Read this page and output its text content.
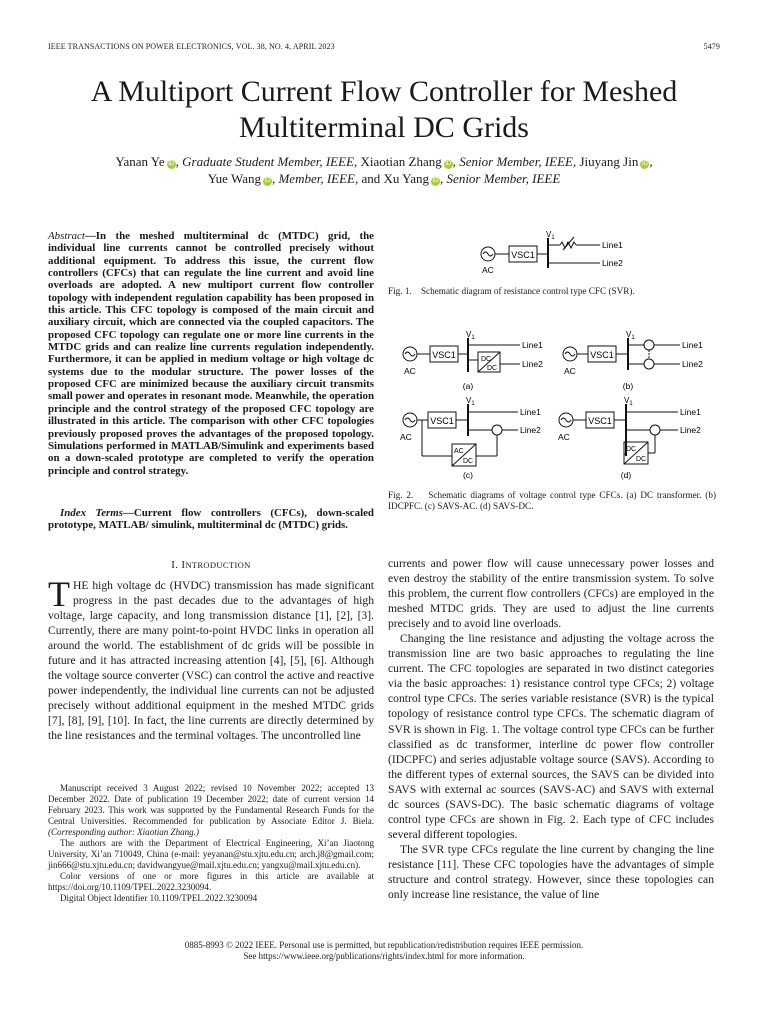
IEEE TRANSACTIONS ON POWER ELECTRONICS, VOL. 38, NO. 4, APRIL 2023	5479
A Multiport Current Flow Controller for Meshed Multiterminal DC Grids
Yanan Ye iD , Graduate Student Member, IEEE, Xiaotian Zhang iD , Senior Member, IEEE, Jiuyang Jin iD ,
Yue Wang iD , Member, IEEE, and Xu Yang iD , Senior Member, IEEE

Abstract—In the meshed multiterminal dc (MTDC) grid, the individual line currents cannot be controlled precisely without additional equipment. To address this issue, the current flow controllers (CFCs) that can regulate the line current and avoid line overloads are adopted. A new multiport current flow controller topology with independent regulation capability has been proposed in this article. This CFC topology is composed of the main circuit and auxiliary circuit, which are connected via the coupled capacitors. The proposed CFC topology can regulate one or more line currents in the MTDC grids and can realize line currents regulation independently. Furthermore, it can be applied in medium voltage or high voltage dc systems due to the modular structure. The power losses of the proposed CFC are minimized because the auxiliary circuit transmits small power and operates in resonant mode. Meanwhile, the operation principle and the control strategy of the proposed CFC topology are illustrated in this article. The comparison with other CFC topologies previously proposed proves the advantages of the proposed topology. Simulations performed in MATLAB/Simulink and experiments based on a down-scaled prototype are completed to verify the operation principle and control strategy.

Index Terms—Current flow controllers (CFCs), down-scaled prototype, MATLAB/ simulink, multiterminal dc (MTDC) grids.

I. INTRODUCTION

THE high voltage dc (HVDC) transmission has made significant progress in the past decades due to the advantages of high voltage, large capacity, and long transmission distance [1], [2], [3]. Currently, there are many point-to-point HVDC links in operation all around the world. The establishment of dc grids will be possible in future and it has attracted increasing attention [4], [5], [6]. Although the voltage source converter (VSC) can control the active and reactive power independently, the individual line currents can not be adjusted precisely without additional equipment in the meshed MTDC grids [7], [8], [9], [10]. In fact, the line currents are directly determined by the line resistances and the terminal voltages. The uncontrolled line

Manuscript received 3 August 2022; revised 10 November 2022; accepted 13 December 2022. Date of publication 19 December 2022; date of current version 14 February 2023. This work was supported by the Fundamental Research Funds for the Central Universities. Recommended for publication by Associate Editor J. Biela. (Corresponding author: Xiaotian Zhang.)
The authors are with the Department of Electrical Engineering, Xi’an Jiaotong University, Xi’an 710049, China (e-mail: yeyanan@stu.xjtu.edu.cn; arch.j8@gmail.com; jin666@stu.xjtu.edu.cn; davidwangyue@mail.xjtu.edu.cn; yangxu@mail.xjtu.edu.cn).
Color versions of one or more figures in this article are available at https://doi.org/10.1109/TPEL.2022.3230094.
Digital Object Identifier 10.1109/TPEL.2022.3230094

currents and power flow will cause unnecessary power losses and even destroy the stability of the entire transmission system. To solve this problem, the current flow controllers (CFCs) are employed in the meshed MTDC grids. They are used to adjust the line currents precisely and to avoid line overloads.

Changing the line resistance and adjusting the voltage across the transmission line are two basic approaches to regulating the line current. The CFC topologies are separated in two distinct categories via the basic approaches: 1) resistance control type CFCs; 2) voltage control type CFCs. The series variable resistance (SVR) is the typical topology of resistance control type CFCs. The schematic diagram of SVR is shown in Fig. 1. The voltage control type CFCs can be further classified as dc transformer, interline dc power flow controller (IDCPFC) and series adjustable voltage source (SAVS). According to the different types of external sources, the SAVS can be divided into SAVS with external ac sources (SAVS-AC) and SAVS with external dc sources (SAVS-DC). The basic schematic diagrams of voltage control type CFCs are shown in Fig. 2. Each type of CFC includes several different topologies.

The SVR type CFCs regulate the line current by changing the line resistance [11]. These CFC topologies have the advantages of simple structure and control strategy. However, since these topologies can only increase line resistance, the value of line

VSC1
$V_1$
Line1
Line2
AC
Fig. 1. Schematic diagram of resistance control type CFC (SVR).
VSC1
$V_1$
Line1
DC
DC	Line2
AC
(a)
VSC1
$V_1$
Line1
Line2
AC
(b)
VSC1
$V_1$
Line1
Line2
AC
DC
AC
(c)
VSC1
$V_1$
Line1
Line2
DC
DC
AC
(d)
Fig. 2. Schematic diagrams of voltage control type CFCs. (a) DC transformer. (b) IDCPFC. (c) SAVS-AC. (d) SAVS-DC.
0885-8993 © 2022 IEEE. Personal use is permitted, but republication/redistribution requires IEEE permission.
See https://www.ieee.org/publications/rights/index.html for more information.
